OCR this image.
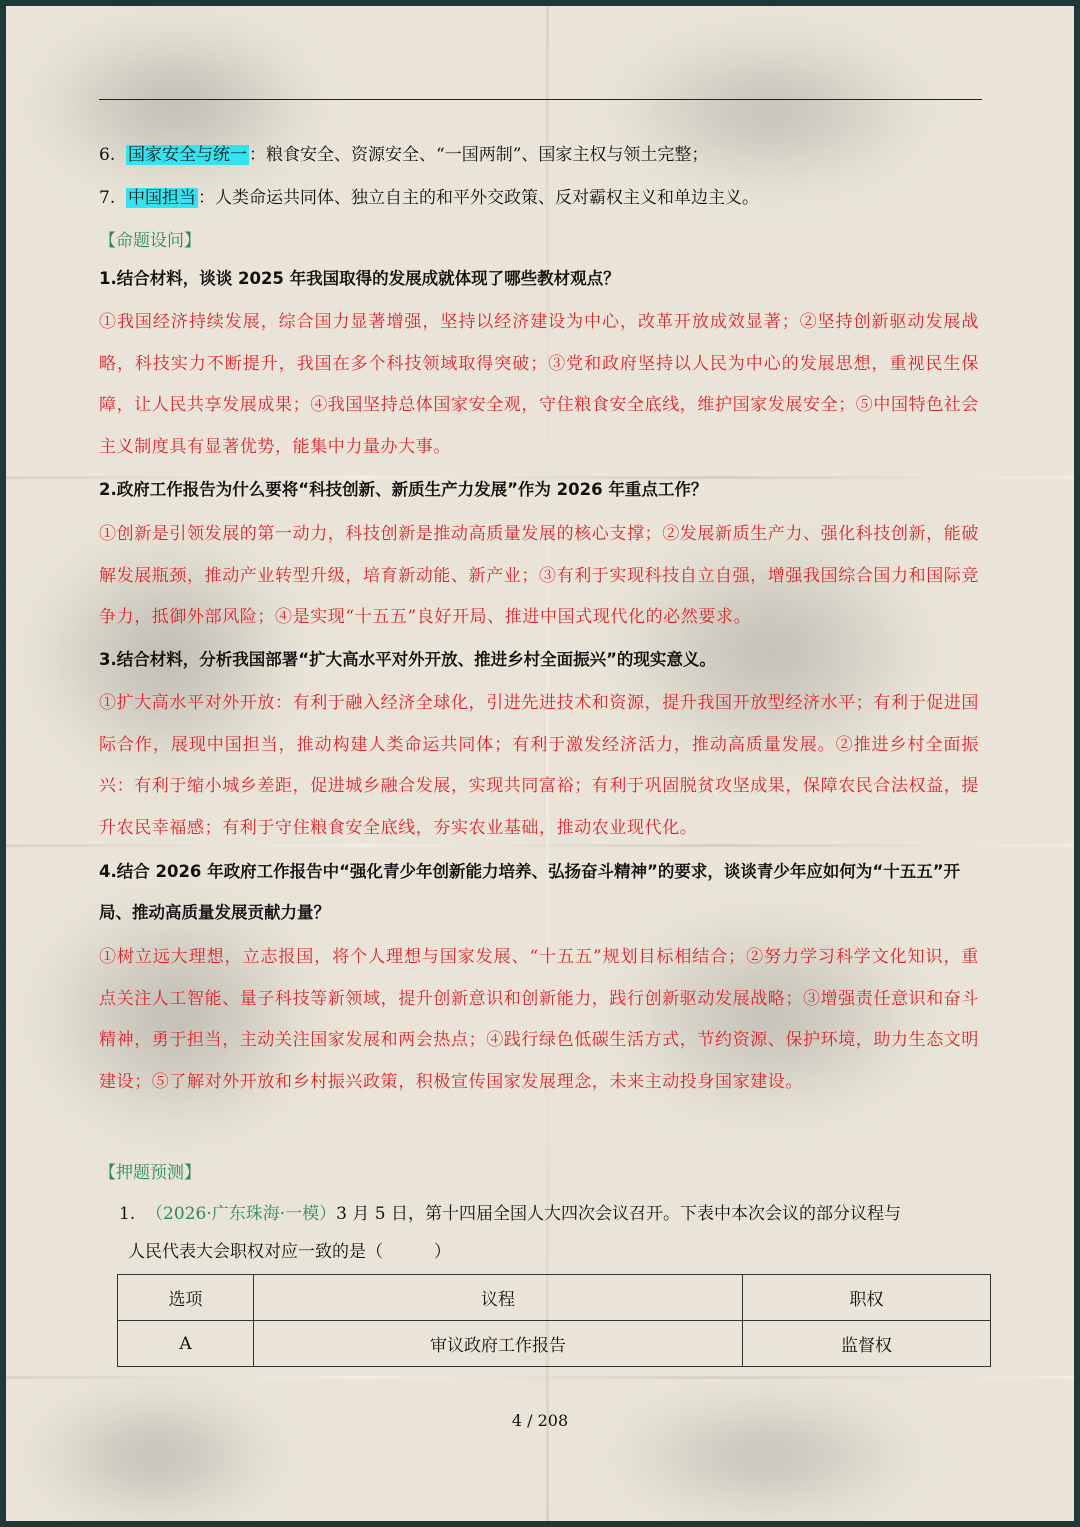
6. 国家安全与统一 ：粮食安全、资源安全、“一国两制”、国家主权与领土完整；
7. 中国担当 ：人类命运共同体、独立自主的和平外交政策、反对霸权主义和单边主义。
【命题设问】
1.结合材料，谈谈 2025 年我国取得的发展成就体现了哪些教材观点？
①我国经济持续发展，综合国力显著增强，坚持以经济建设为中心，改革开放成效显著；②坚持创新驱动发展战略，科技实力不断提升，我国在多个科技领域取得突破；③党和政府坚持以人民为中心的发展思想，重视民生保障，让人民共享发展成果；④我国坚持总体国家安全观，守住粮食安全底线，维护国家发展安全；⑤中国特色社会主义制度具有显著优势，能集中力量办大事。
2.政府工作报告为什么要将“科技创新、新质生产力发展”作为 2026 年重点工作？
①创新是引领发展的第一动力，科技创新是推动高质量发展的核心支撑；②发展新质生产力、强化科技创新，能破解发展瓶颈，推动产业转型升级，培育新动能、新产业；③有利于实现科技自立自强，增强我国综合国力和国际竞争力，抵御外部风险；④是实现“十五五”良好开局、推进中国式现代化的必然要求。
3.结合材料，分析我国部署“扩大高水平对外开放、推进乡村全面振兴”的现实意义。
①扩大高水平对外开放：有利于融入经济全球化，引进先进技术和资源，提升我国开放型经济水平；有利于促进国际合作，展现中国担当，推动构建人类命运共同体；有利于激发经济活力，推动高质量发展。②推进乡村全面振兴：有利于缩小城乡差距，促进城乡融合发展，实现共同富裕；有利于巩固脱贫攻坚成果，保障农民合法权益，提升农民幸福感；有利于守住粮食安全底线，夯实农业基础，推动农业现代化。
4.结合 2026 年政府工作报告中“强化青少年创新能力培养、弘扬奋斗精神”的要求，谈谈青少年应如何为“十五五”开局、推动高质量发展贡献力量？
①树立远大理想，立志报国，将个人理想与国家发展、“十五五”规划目标相结合；②努力学习科学文化知识，重点关注人工智能、量子科技等新领域，提升创新意识和创新能力，践行创新驱动发展战略；③增强责任意识和奋斗精神，勇于担当，主动关注国家发展和两会热点；④践行绿色低碳生活方式，节约资源、保护环境，助力生态文明建设；⑤了解对外开放和乡村振兴政策，积极宣传国家发展理念，未来主动投身国家建设。
【押题预测】
1. （2026·广东珠海·一模）3 月 5 日，第十四届全国人大四次会议召开。下表中本次会议的部分议程与
人民代表大会职权对应一致的是（　　　）
选项	议程	职权
A	审议政府工作报告	监督权
4 / 208
